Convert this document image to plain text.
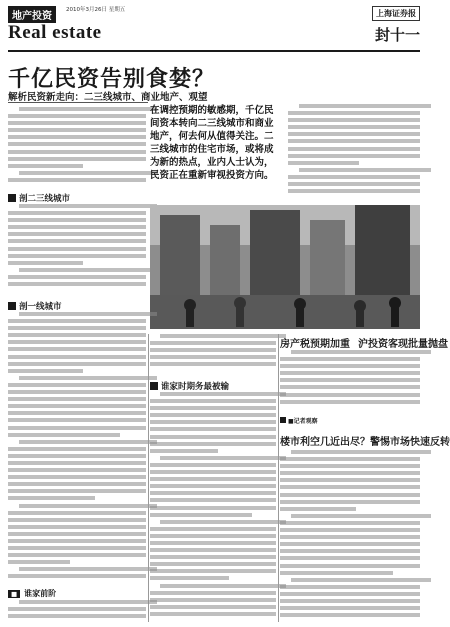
地产投资
2010年3月26日 星期五
Real estate
上海证券报
封十一
千亿民资告别食婪？
解析民资新走向：二三线城市、商业地产、观望
剖二三线城市
在调控预期的敏感期，千亿民间资本转向二三线城市和商业地产，何去何从值得关注。二三线城市的住宅市场，或将成为新的热点，业内人士认为，民资正在重新审视投资方向。
剖一线城市
谁家时期务最被输
房产税预期加重 沪投资客现批量抛盘
■记者观察
楼市利空几近出尽？警惕市场快速反转
■ 谁家前阶
